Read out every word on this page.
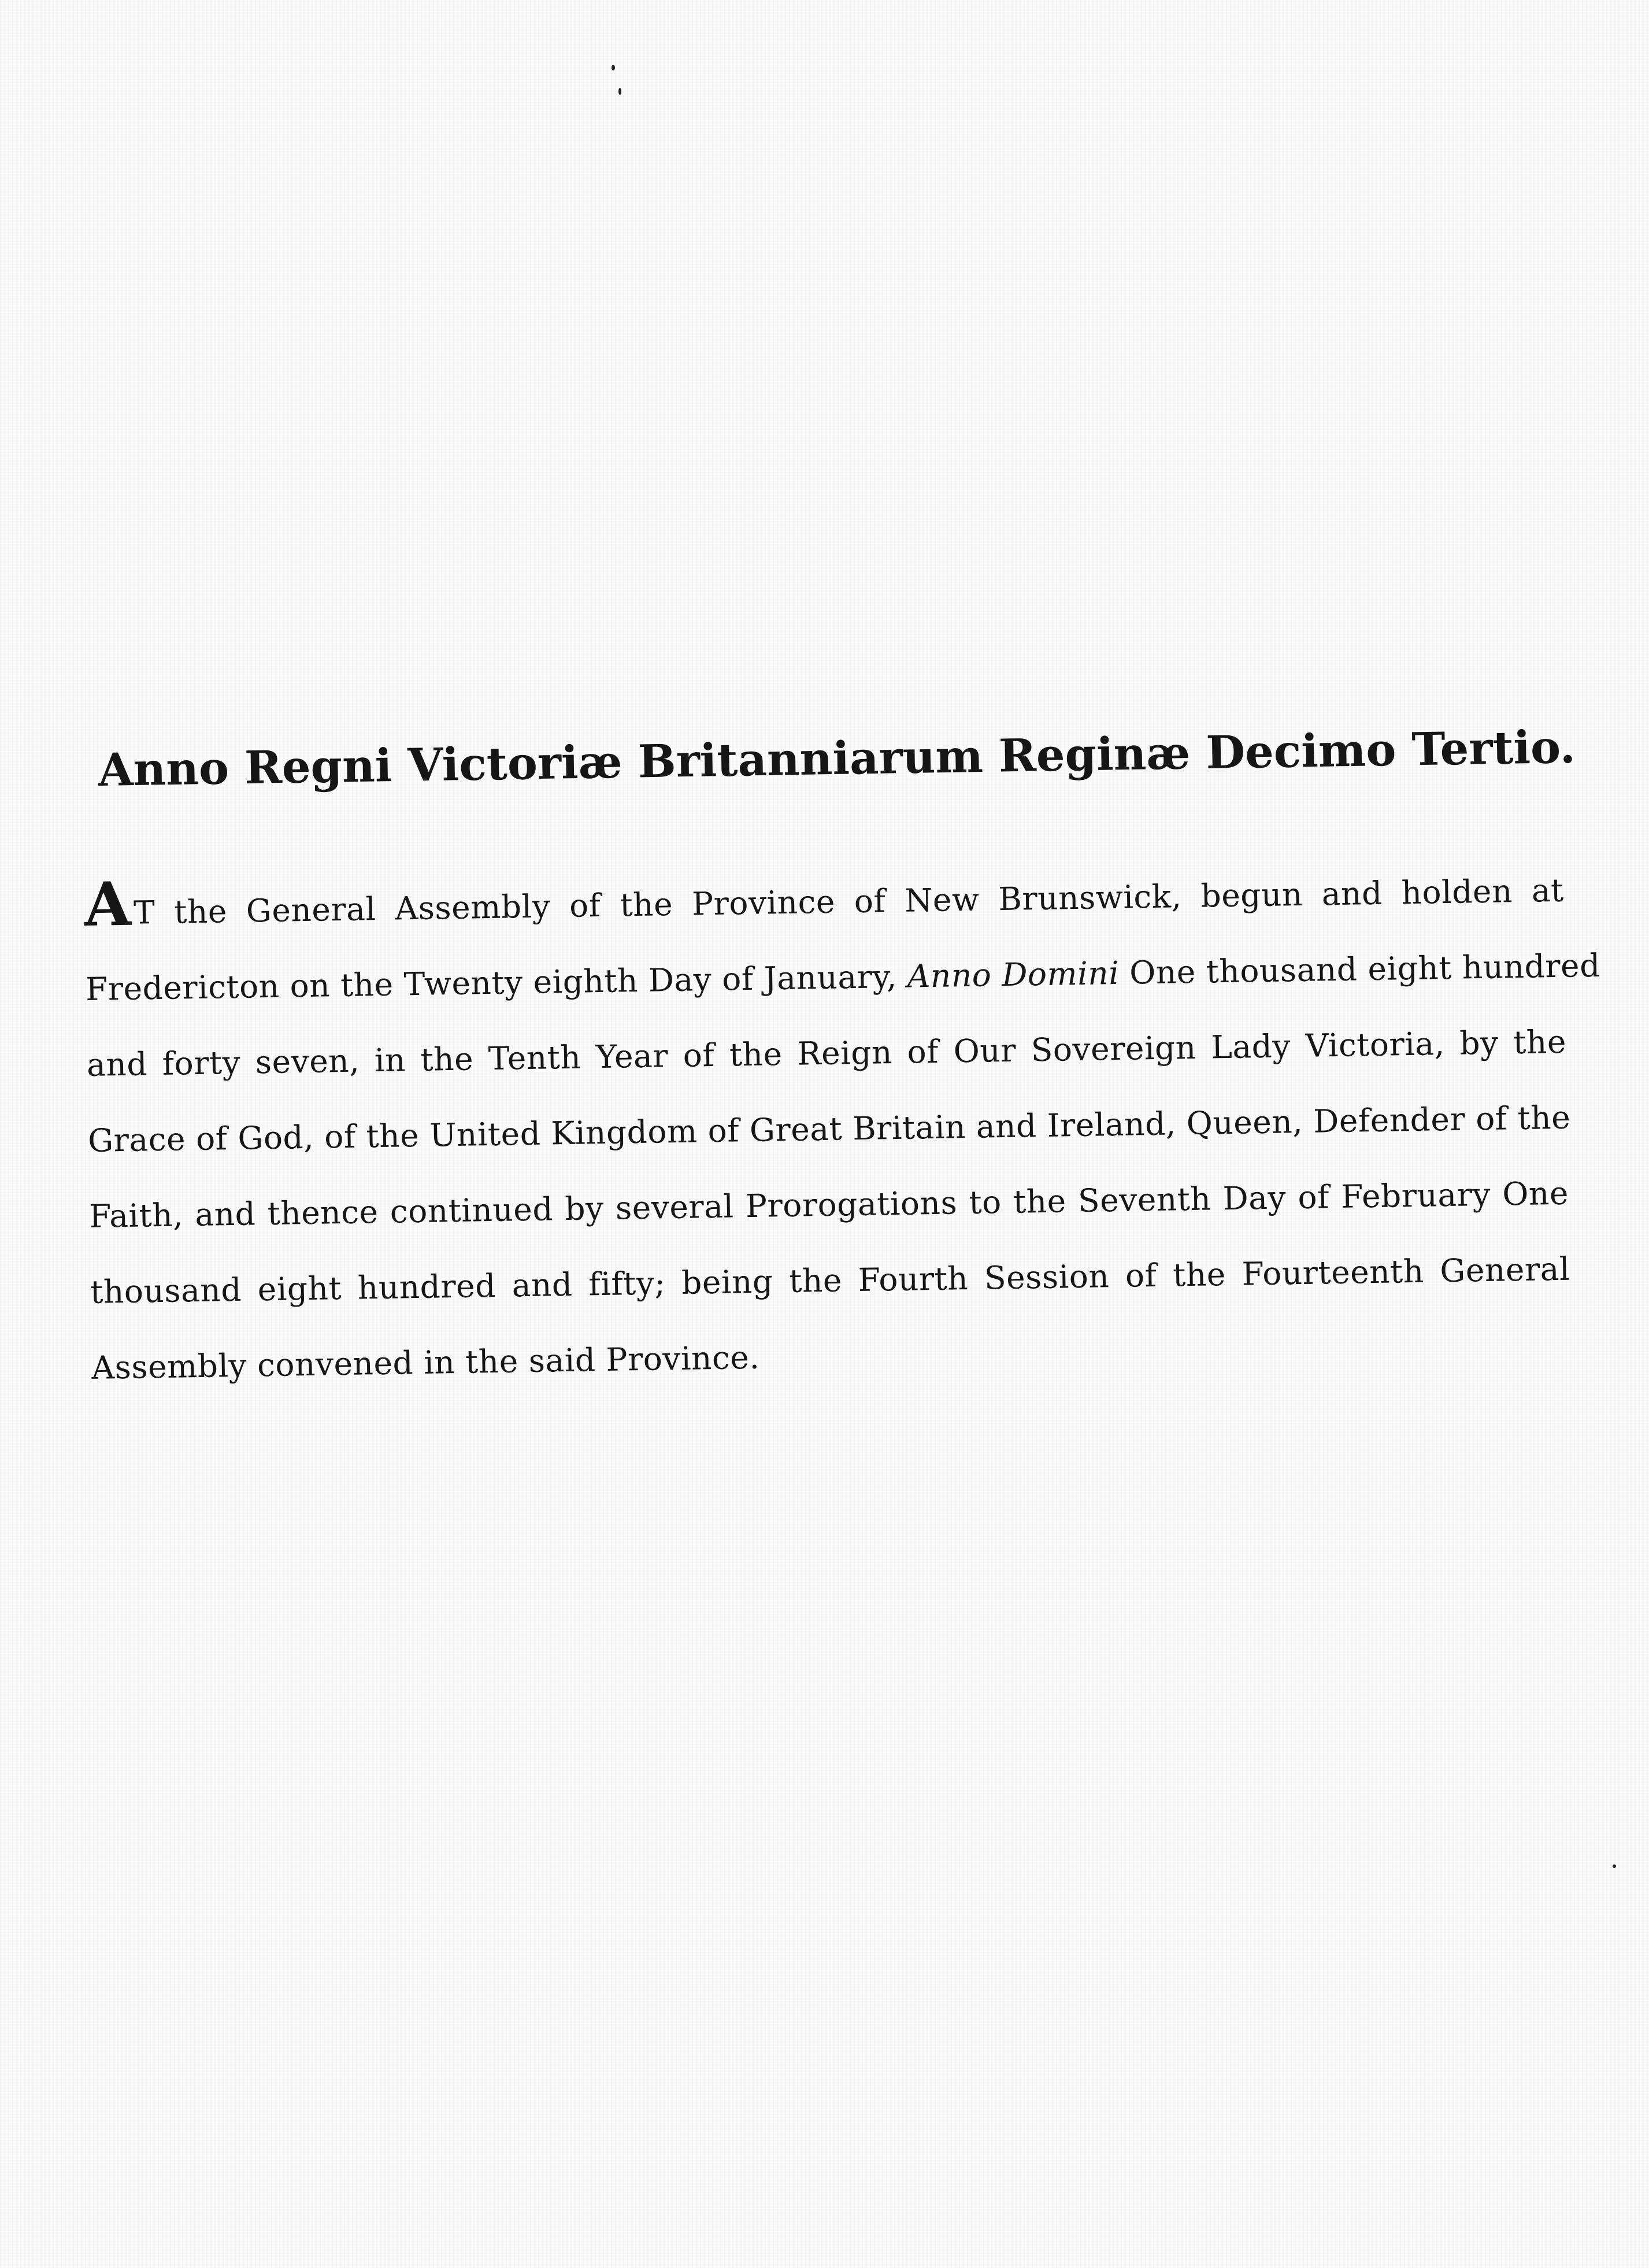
Anno Regni Victoriæ Britanniarum Reginæ Decimo Tertio.
AT the General Assembly of the Province of New Brunswick, begun and holden at
Fredericton on the Twenty eighth Day of January, Anno Domini One thousand eight hundred
and forty seven, in the Tenth Year of the Reign of Our Sovereign Lady Victoria, by the
Grace of God, of the United Kingdom of Great Britain and Ireland, Queen, Defender of the
Faith, and thence continued by several Prorogations to the Seventh Day of February One
thousand eight hundred and fifty; being the Fourth Session of the Fourteenth General
Assembly convened in the said Province.
